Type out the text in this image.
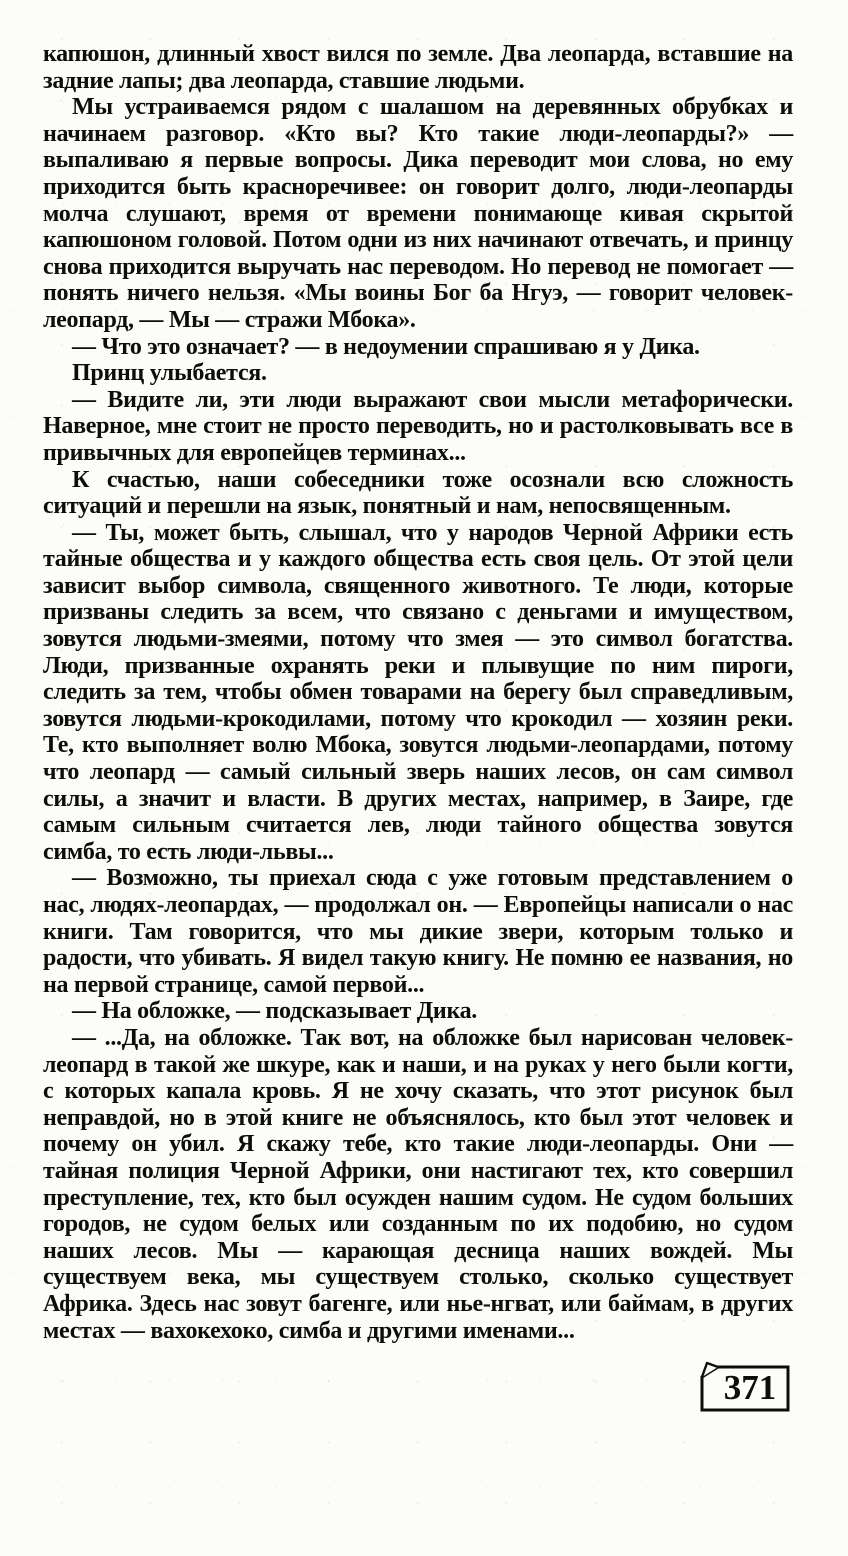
капюшон, длинный хвост вился по земле. Два леопарда, вставшие на задние лапы; два леопарда, ставшие людьми.

Мы устраиваемся рядом с шалашом на деревянных обрубках и начинаем разговор. «Кто вы? Кто такие люди-леопарды?» — выпаливаю я первые вопросы. Дика переводит мои слова, но ему приходится быть красноречивее: он говорит долго, люди-леопарды молча слушают, время от времени понимающе кивая скрытой капюшоном головой. Потом одни из них начинают отвечать, и принцу снова приходится выручать нас переводом. Но перевод не помогает — понять ничего нельзя. «Мы воины Бог ба Нгуэ, — говорит человек-леопард, — Мы — стражи Мбока».

— Что это означает? — в недоумении спрашиваю я у Дика.

Принц улыбается.

— Видите ли, эти люди выражают свои мысли метафорически. Наверное, мне стоит не просто переводить, но и растолковывать все в привычных для европейцев терминах...

К счастью, наши собеседники тоже осознали всю сложность ситуаций и перешли на язык, понятный и нам, непосвященным.

— Ты, может быть, слышал, что у народов Черной Африки есть тайные общества и у каждого общества есть своя цель. От этой цели зависит выбор символа, священного животного. Те люди, которые призваны следить за всем, что связано с деньгами и имуществом, зовутся людьми-змеями, потому что змея — это символ богатства. Люди, призванные охранять реки и плывущие по ним пироги, следить за тем, чтобы обмен товарами на берегу был справедливым, зовутся людьми-крокодилами, потому что крокодил — хозяин реки. Те, кто выполняет волю Мбока, зовутся людьми-леопардами, потому что леопард — самый сильный зверь наших лесов, он сам символ силы, а значит и власти. В других местах, например, в Заире, где самым сильным считается лев, люди тайного общества зовутся симба, то есть люди-львы...

— Возможно, ты приехал сюда с уже готовым представлением о нас, людях-леопардах, — продолжал он. — Европейцы написали о нас книги. Там говорится, что мы дикие звери, которым только и радости, что убивать. Я видел такую книгу. Не помню ее названия, но на первой странице, самой первой...

— На обложке, — подсказывает Дика.

— ...Да, на обложке. Так вот, на обложке был нарисован человек-леопард в такой же шкуре, как и наши, и на руках у него были когти, с которых капала кровь. Я не хочу сказать, что этот рисунок был неправдой, но в этой книге не объяснялось, кто был этот человек и почему он убил. Я скажу тебе, кто такие люди-леопарды. Они — тайная полиция Черной Африки, они настигают тех, кто совершил преступление, тех, кто был осужден нашим судом. Не судом больших городов, не судом белых или созданным по их подобию, но судом наших лесов. Мы — карающая десница наших вождей. Мы существуем века, мы существуем столько, сколько существует Африка. Здесь нас зовут багенге, или нье-нгват, или баймам, в других местах — вахокехоко, симба и другими именами...

371
